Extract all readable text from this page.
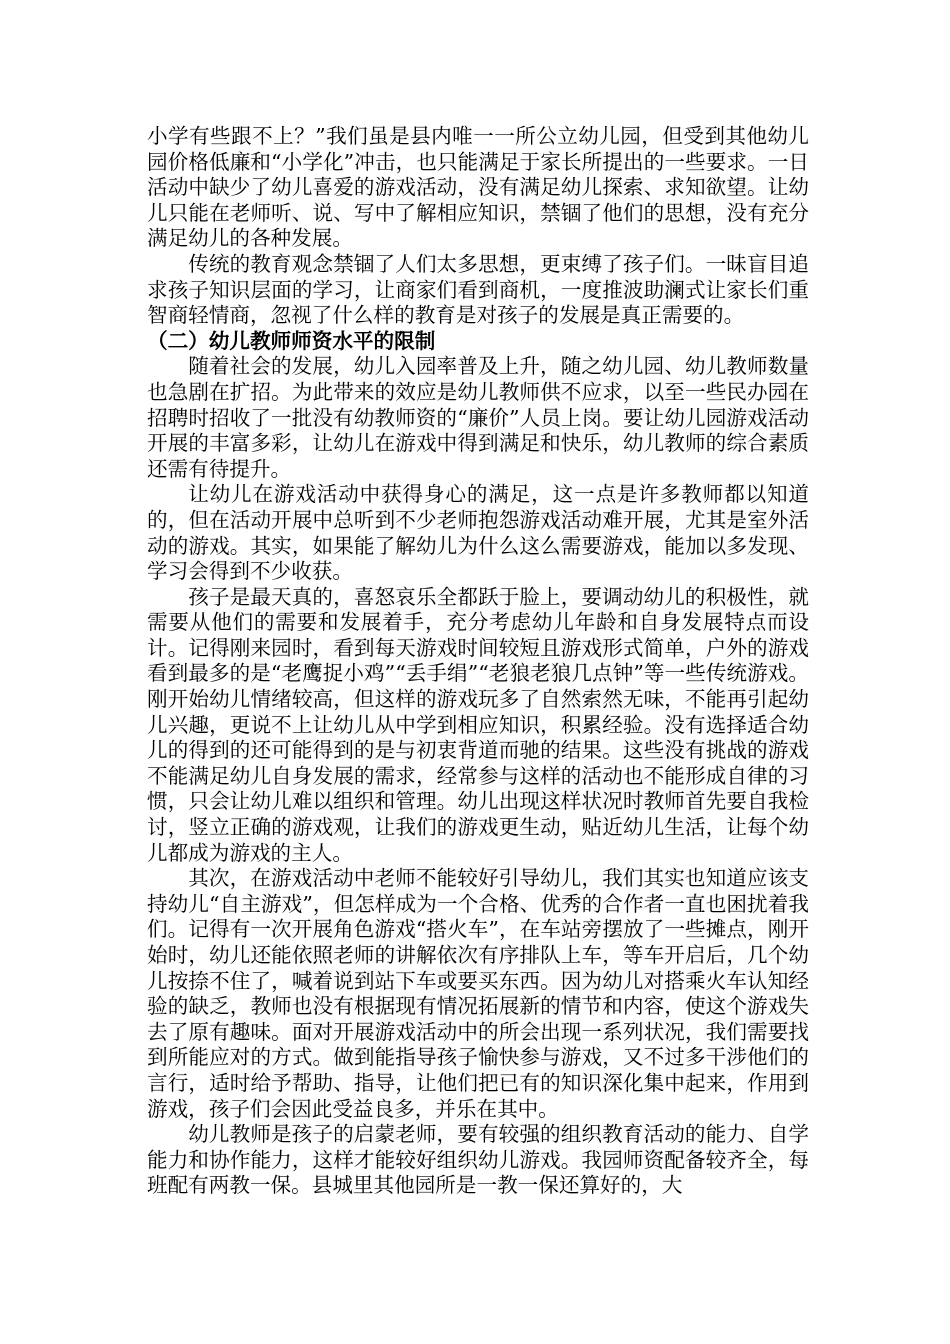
小学有些跟不上？”我们虽是县内唯一一所公立幼儿园，但受到其他幼儿园价格低廉和“小学化”冲击，也只能满足于家长所提出的一些要求。一日活动中缺少了幼儿喜爱的游戏活动，没有满足幼儿探索、求知欲望。让幼儿只能在老师听、说、写中了解相应知识，禁锢了他们的思想，没有充分满足幼儿的各种发展。

传统的教育观念禁锢了人们太多思想，更束缚了孩子们。一昧盲目追求孩子知识层面的学习，让商家们看到商机，一度推波助澜式让家长们重智商轻情商，忽视了什么样的教育是对孩子的发展是真正需要的。

（二）幼儿教师师资水平的限制

随着社会的发展，幼儿入园率普及上升，随之幼儿园、幼儿教师数量也急剧在扩招。为此带来的效应是幼儿教师供不应求，以至一些民办园在招聘时招收了一批没有幼教师资的“廉价”人员上岗。要让幼儿园游戏活动开展的丰富多彩，让幼儿在游戏中得到满足和快乐，幼儿教师的综合素质还需有待提升。

让幼儿在游戏活动中获得身心的满足，这一点是许多教师都以知道的，但在活动开展中总听到不少老师抱怨游戏活动难开展，尤其是室外活动的游戏。其实，如果能了解幼儿为什么这么需要游戏，能加以多发现、学习会得到不少收获。

孩子是最天真的，喜怒哀乐全都跃于脸上，要调动幼儿的积极性，就需要从他们的需要和发展着手，充分考虑幼儿年龄和自身发展特点而设计。记得刚来园时，看到每天游戏时间较短且游戏形式简单，户外的游戏看到最多的是“老鹰捉小鸡”“丢手绢”“老狼老狼几点钟”等一些传统游戏。刚开始幼儿情绪较高，但这样的游戏玩多了自然索然无味，不能再引起幼儿兴趣，更说不上让幼儿从中学到相应知识，积累经验。没有选择适合幼儿的得到的还可能得到的是与初衷背道而驰的结果。这些没有挑战的游戏不能满足幼儿自身发展的需求，经常参与这样的活动也不能形成自律的习惯，只会让幼儿难以组织和管理。幼儿出现这样状况时教师首先要自我检讨，竖立正确的游戏观，让我们的游戏更生动，贴近幼儿生活，让每个幼儿都成为游戏的主人。

其次，在游戏活动中老师不能较好引导幼儿，我们其实也知道应该支持幼儿“自主游戏”，但怎样成为一个合格、优秀的合作者一直也困扰着我们。记得有一次开展角色游戏“搭火车”，在车站旁摆放了一些摊点，刚开始时，幼儿还能依照老师的讲解依次有序排队上车，等车开启后，几个幼儿按捺不住了，喊着说到站下车或要买东西。因为幼儿对搭乘火车认知经验的缺乏，教师也没有根据现有情况拓展新的情节和内容，使这个游戏失去了原有趣味。面对开展游戏活动中的所会出现一系列状况，我们需要找到所能应对的方式。做到能指导孩子愉快参与游戏，又不过多干涉他们的言行，适时给予帮助、指导，让他们把已有的知识深化集中起来，作用到游戏，孩子们会因此受益良多，并乐在其中。

幼儿教师是孩子的启蒙老师，要有较强的组织教育活动的能力、自学能力和协作能力，这样才能较好组织幼儿游戏。我园师资配备较齐全，每班配有两教一保。县城里其他园所是一教一保还算好的，大
